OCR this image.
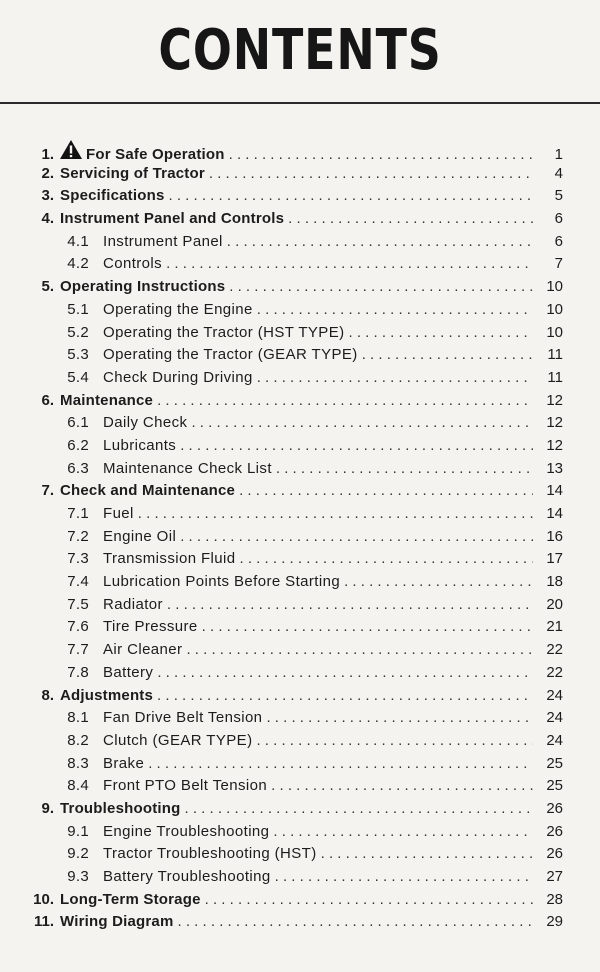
CONTENTS
1.	For Safe Operation . . .	1
2. Servicing of Tractor . . .	4
3. Specifications . . .	5
4. Instrument Panel and Controls . . .	6
4.1 Instrument Panel . . .	6
4.2 Controls . . .	7
5. Operating Instructions . . .	10
5.1 Operating the Engine . . .	10
5.2 Operating the Tractor (HST TYPE) . . .	10
5.3 Operating the Tractor (GEAR TYPE) . . .	11
5.4 Check During Driving . . .	11
6. Maintenance . . .	12
6.1 Daily Check . . .	12
6.2 Lubricants . . .	12
6.3 Maintenance Check List . . .	13
7. Check and Maintenance . . .	14
7.1 Fuel . . .	14
7.2 Engine Oil . . .	16
7.3 Transmission Fluid . . .	17
7.4 Lubrication Points Before Starting . . .	18
7.5 Radiator . . .	20
7.6 Tire Pressure . . .	21
7.7 Air Cleaner . . .	22
7.8 Battery . . .	22
8. Adjustments . . .	24
8.1 Fan Drive Belt Tension . . .	24
8.2 Clutch (GEAR TYPE) . . .	24
8.3 Brake . . .	25
8.4 Front PTO Belt Tension . . .	25
9. Troubleshooting . . .	26
9.1 Engine Troubleshooting . . .	26
9.2 Tractor Troubleshooting (HST) . . .	26
9.3 Battery Troubleshooting . . .	27
10. Long-Term Storage . . .	28
11. Wiring Diagram . . .	29
